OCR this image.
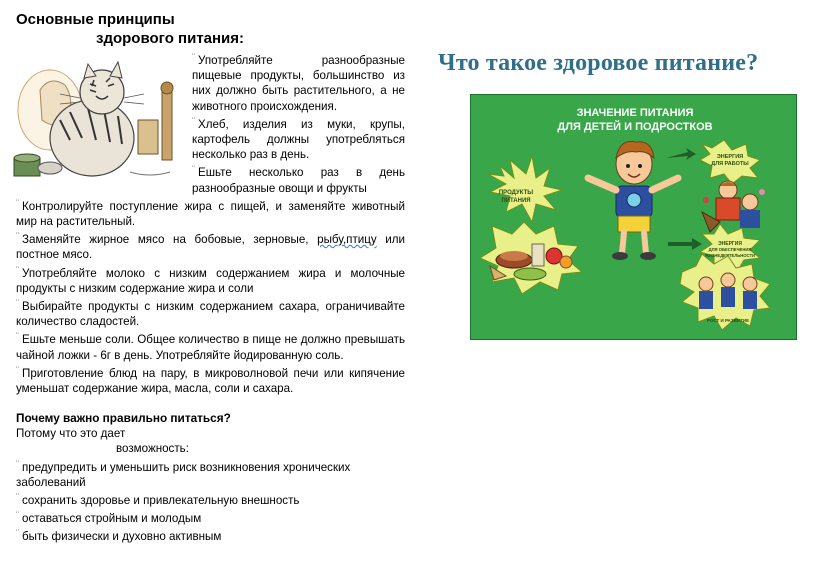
Основные принципы

здорового питания:

¨ Употребляйте разнообразные пищевые продукты, большинство из них должно быть растительного, а не животного происхождения.

¨ Хлеб, изделия из муки, крупы, картофель должны употребляться несколько раз в день.

¨ Ешьте несколько раз в день разнообразные овощи и фрукты

¨ Контролируйте поступление жира с пищей, и заменяйте животный мир на растительный.

¨ Заменяйте жирное мясо на бобовые, зерновые, рыбу,птицу или постное мясо.

¨ Употребляйте молоко с низким содержанием жира и молочные продукты с низким содержание жира и соли

¨ Выбирайте продукты с низким содержанием сахара, ограничивайте количество сладостей.

¨ Ешьте меньше соли. Общее количество в пище не должно превышать чайной ложки - 6г в день. Употребляйте йодированную соль.

¨ Приготовление блюд на пару, в микроволновой печи или кипячение уменьшат содержание жира, масла, соли и сахара.

Почему важно правильно питаться?

Потому что это дает

возможность:

¨ предупредить и уменьшить риск возникновения хронических заболеваний

¨ сохранить здоровье и привлекательную внешность

¨ оставаться стройным и молодым

¨ быть физически и духовно активным

Что такое здоровое питание?
ЗНАЧЕНИЕ ПИТАНИЯ
ДЛЯ ДЕТЕЙ И ПОДРОСТКОВ
ПРОДУКТЫ
ПИТАНИЯ
ЭНЕРГИЯ
ДЛЯ РАБОТЫ
ЭНЕРГИЯ
ДЛЯ ОБЕСПЕЧЕНИЯ
ЖИЗНЕДЕЯТЕЛЬНОСТИ
РОСТ И РАЗВИТИЕ
